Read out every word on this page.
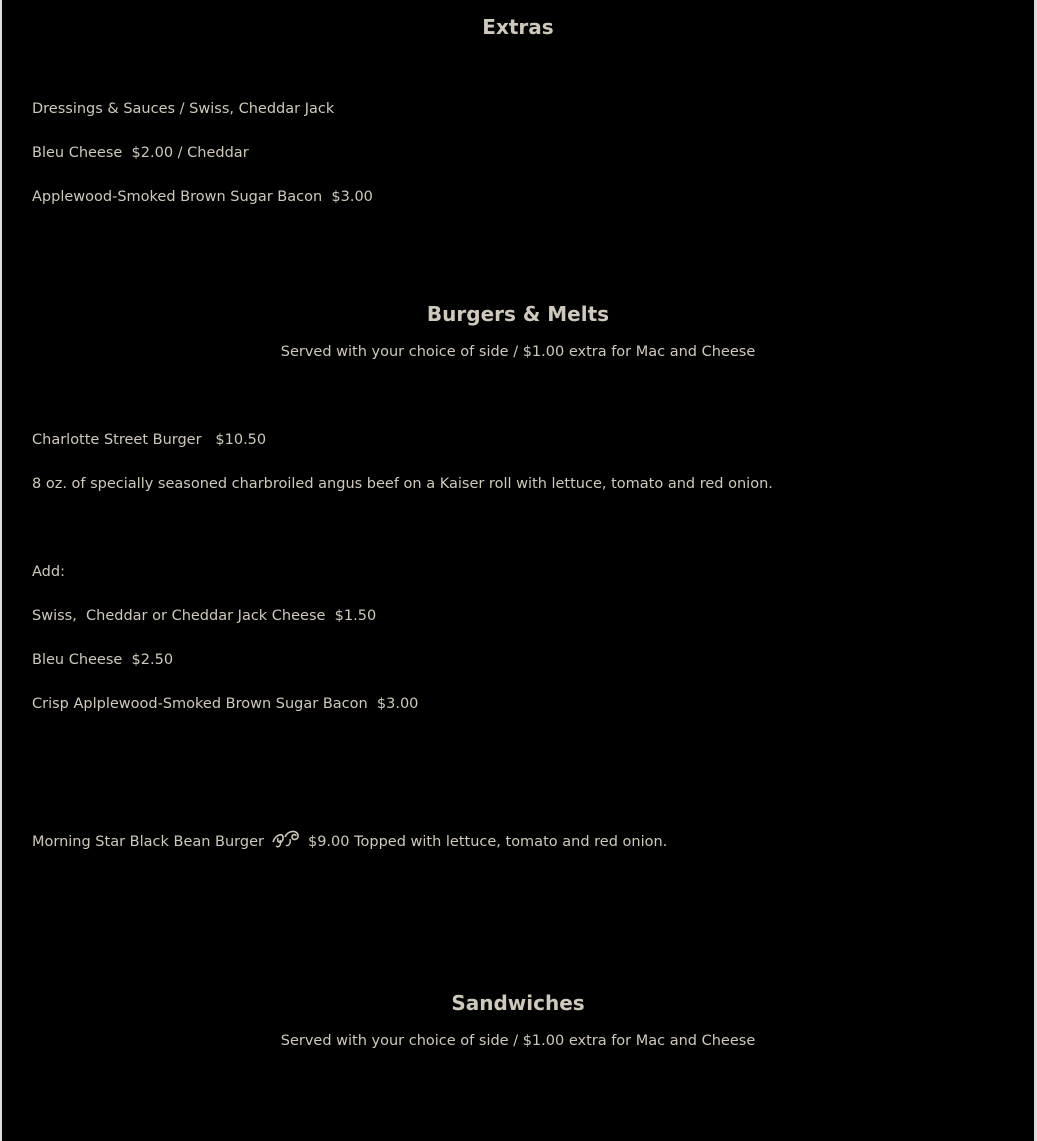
Extras
Dressings & Sauces / Swiss, Cheddar Jack
Bleu Cheese  $2.00 / Cheddar
Applewood-Smoked Brown Sugar Bacon  $3.00
Burgers & Melts
Served with your choice of side / $1.00 extra for Mac and Cheese
Charlotte Street Burger   $10.50
8 oz. of specially seasoned charbroiled angus beef on a Kaiser roll with lettuce, tomato and red onion.
Add:
Swiss,  Cheddar or Cheddar Jack Cheese  $1.50
Bleu Cheese  $2.50
Crisp Aplplewood-Smoked Brown Sugar Bacon  $3.00
Morning Star Black Bean Burger	$9.00 Topped with lettuce, tomato and red onion.
Sandwiches
Served with your choice of side / $1.00 extra for Mac and Cheese
